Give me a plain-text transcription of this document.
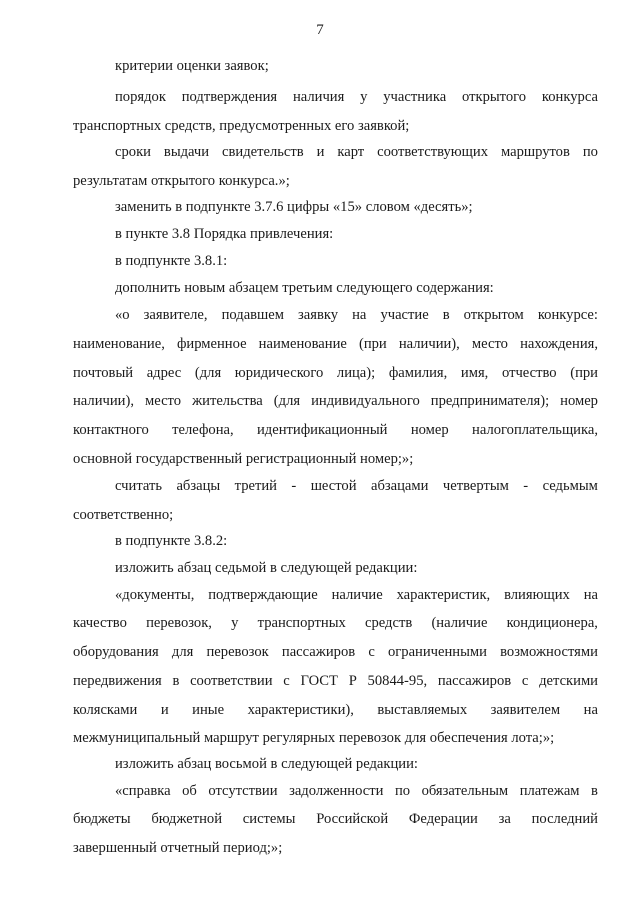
7
критерии оценки заявок;
порядок подтверждения наличия у участника открытого конкурса
транспортных средств, предусмотренных его заявкой;
сроки выдачи свидетельств и карт соответствующих маршрутов по
результатам открытого конкурса.»;
заменить в подпункте 3.7.6 цифры «15» словом «десять»;
в пункте 3.8 Порядка привлечения:
в подпункте 3.8.1:
дополнить новым абзацем третьим следующего содержания:
«о заявителе, подавшем заявку на участие в открытом конкурсе:
наименование, фирменное наименование (при наличии), место нахождения,
почтовый адрес (для юридического лица); фамилия, имя, отчество (при
наличии), место жительства (для индивидуального предпринимателя); номер
контактного телефона, идентификационный номер налогоплательщика,
основной государственный регистрационный номер;»;
считать абзацы третий - шестой абзацами четвертым - седьмым
соответственно;
в подпункте 3.8.2:
изложить абзац седьмой в следующей редакции:
«документы, подтверждающие наличие характеристик, влияющих на
качество перевозок, у транспортных средств (наличие кондиционера,
оборудования для перевозок пассажиров с ограниченными возможностями
передвижения в соответствии с ГОСТ Р 50844-95, пассажиров с детскими
колясками и иные характеристики), выставляемых заявителем на
межмуниципальный маршрут регулярных перевозок для обеспечения лота;»;
изложить абзац восьмой в следующей редакции:
«справка об отсутствии задолженности по обязательным платежам в
бюджеты бюджетной системы Российской Федерации за последний
завершенный отчетный период;»;
